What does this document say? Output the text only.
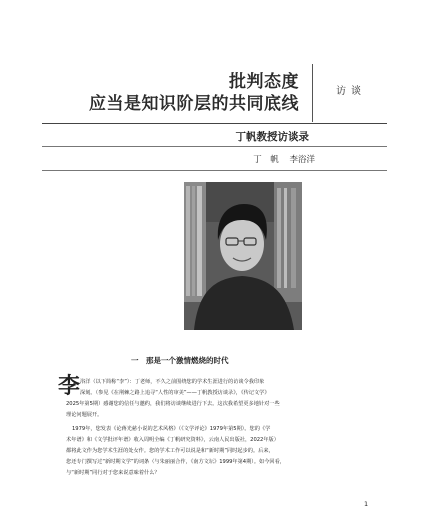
批判态度
应当是知识阶层的共同底线
访谈
丁帆教授访谈录
丁　帆 李浴洋
一　那是一个激情燃烧的时代
李 浴洋（以下简称“李”）：丁老师，不久之前围绕您的学术生涯进行的访谈令我印象
深刻。（参见《在荆棘之路上追寻“人性的审美”——丁帆教授访谈录》，《传记文学》
2025年第5期）感谢您的信任与邀约，我们将访谈继续进行下去。这次我希望更多地针对一些
理论问题展开。
1979年，您发表《论蒋光慈小说的艺术风格》（《文学评论》1979年第5期）。您的《学
术年谱》和《文学批评年谱》收入周明全编《丁帆研究资料》，云南人民出版社，2022年版）
都将此文作为您学术生涯的处女作。您的学术工作可以说是和“新时期”同时起步的。后来，
您还专门撰写过“新时期文学”的词条（与朱丽丽合作，《南方文坛》1999年第4期）。如今回看，
与“新时期”同行对于您来说意味着什么？
1
